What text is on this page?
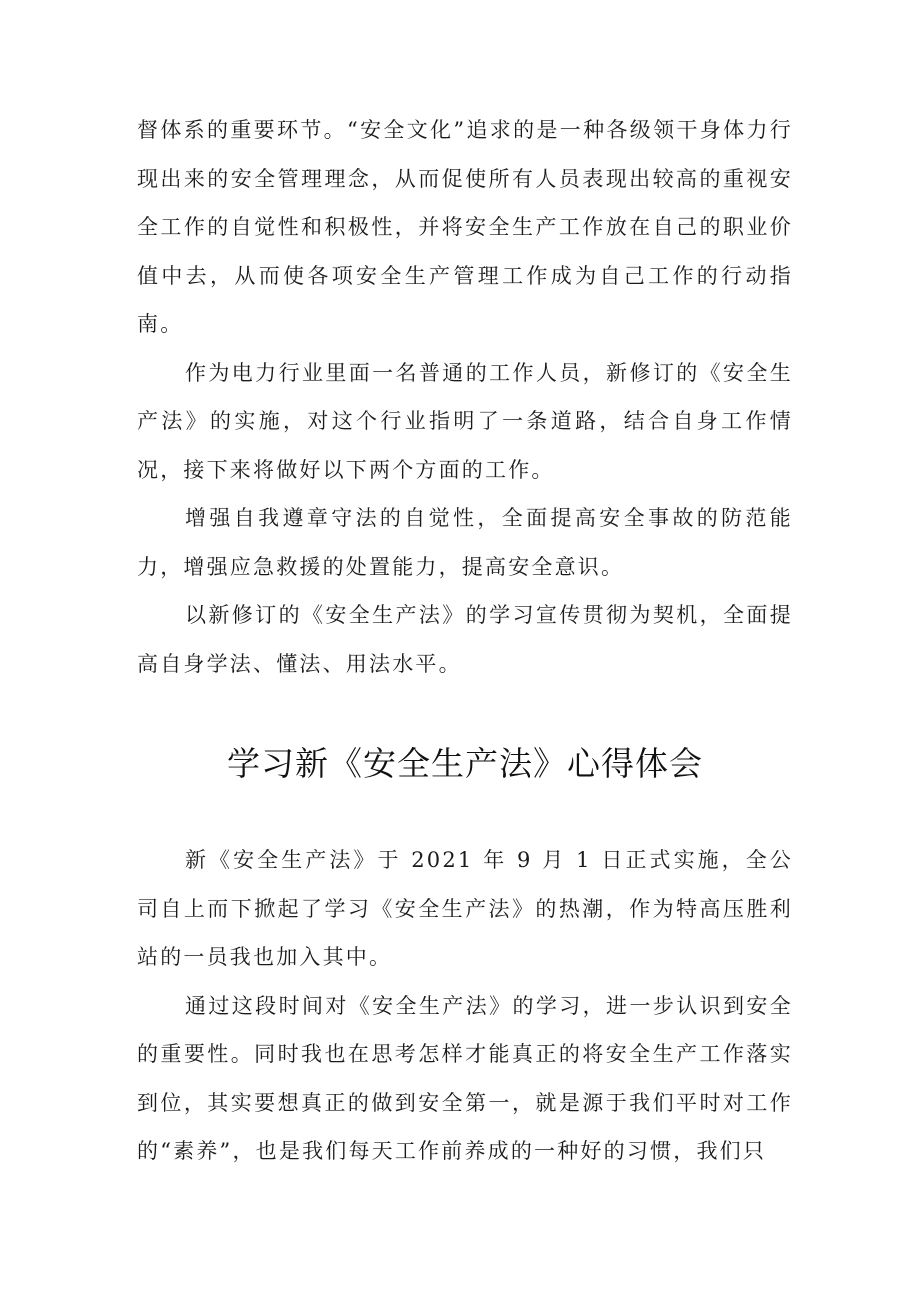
督体系的重要环节。“安全文化”追求的是一种各级领干身体力行现出来的安全管理理念，从而促使所有人员表现出较高的重视安全工作的自觉性和积极性，并将安全生产工作放在自己的职业价值中去，从而使各项安全生产管理工作成为自己工作的行动指南。

作为电力行业里面一名普通的工作人员，新修订的《安全生产法》的实施，对这个行业指明了一条道路，结合自身工作情况，接下来将做好以下两个方面的工作。

增强自我遵章守法的自觉性，全面提高安全事故的防范能力，增强应急救援的处置能力，提高安全意识。

以新修订的《安全生产法》的学习宣传贯彻为契机，全面提高自身学法、懂法、用法水平。

学习新《安全生产法》心得体会

新《安全生产法》于 2021 年 9 月 1 日正式实施，全公司自上而下掀起了学习《安全生产法》的热潮，作为特高压胜利站的一员我也加入其中。

通过这段时间对《安全生产法》的学习，进一步认识到安全的重要性。同时我也在思考怎样才能真正的将安全生产工作落实到位，其实要想真正的做到安全第一，就是源于我们平时对工作的“素养”，也是我们每天工作前养成的一种好的习惯，我们只
